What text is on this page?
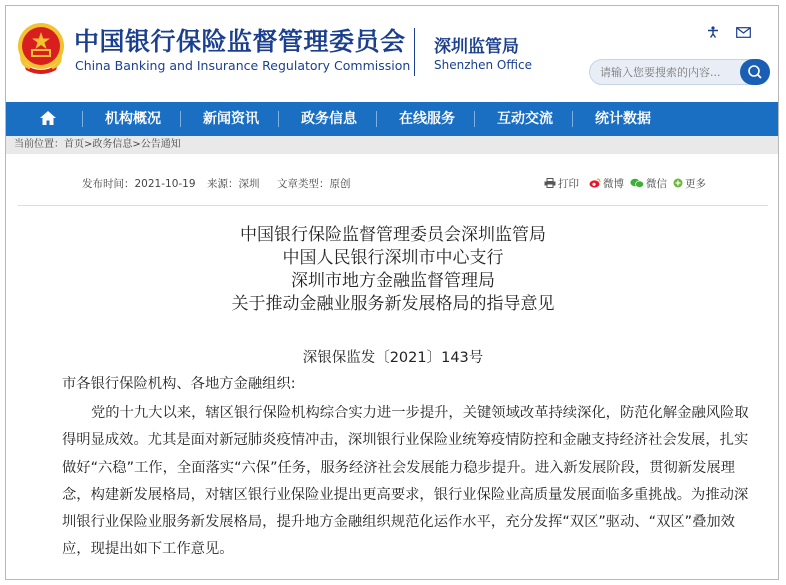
中国银行保险监督管理委员会
China Banking and Insurance Regulatory Commission
深圳监管局
Shenzhen Office

请输入您要搜索的内容...
机构概况	新闻资讯	政务信息	在线服务	互动交流	统计数据
当前位置：首页>政务信息>公告通知
发布时间：2021-10-19 来源：深圳 文章类型：原创	打印	微博	微信	更多
中国银行保险监督管理委员会深圳监管局
中国人民银行深圳市中心支行
深圳市地方金融监督管理局
关于推动金融业服务新发展格局的指导意见
深银保监发〔2021〕143号
市各银行保险机构、各地方金融组织:
党的十九大以来，辖区银行保险机构综合实力进一步提升，关键领域改革持续深化，防范化解金融风险取得明显成效。尤其是面对新冠肺炎疫情冲击，深圳银行业保险业统筹疫情防控和金融支持经济社会发展，扎实做好“六稳”工作，全面落实“六保”任务，服务经济社会发展能力稳步提升。进入新发展阶段，贯彻新发展理念，构建新发展格局，对辖区银行业保险业提出更高要求，银行业保险业高质量发展面临多重挑战。为推动深圳银行业保险业服务新发展格局，提升地方金融组织规范化运作水平，充分发挥“双区”驱动、“双区”叠加效应，现提出如下工作意见。
